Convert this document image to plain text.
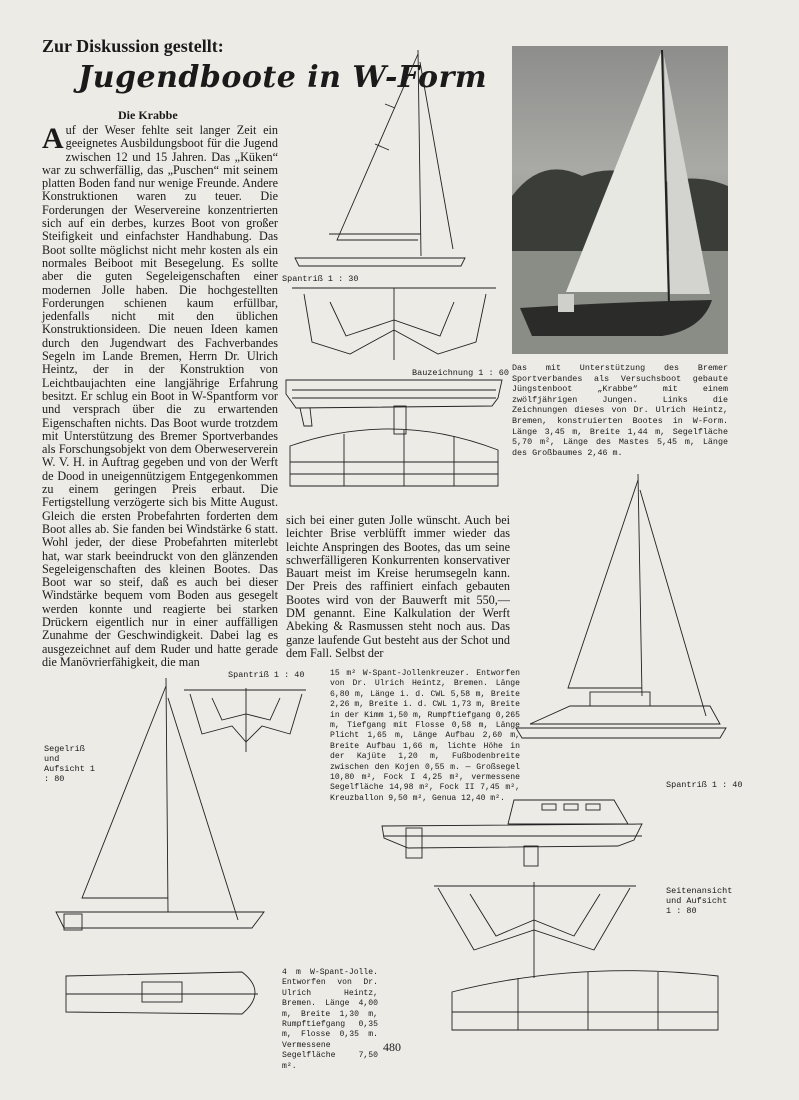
Zur Diskussion gestellt:
Jugendboote in W-Form
Die Krabbe
A uf der Weser fehlte seit langer Zeit ein geeignetes Ausbildungsboot für die Jugend zwischen 12 und 15 Jahren. Das „Küken“ war zu schwerfällig, das „Puschen“ mit seinem platten Boden fand nur wenige Freunde. Andere Konstruktionen waren zu teuer. Die Forderungen der Weservereine konzentrierten sich auf ein derbes, kurzes Boot von großer Steifigkeit und einfachster Handhabung. Das Boot sollte möglichst nicht mehr kosten als ein normales Beiboot mit Besegelung. Es sollte aber die guten Segeleigenschaften einer modernen Jolle haben. Die hochgestellten Forderungen schienen kaum erfüllbar, jedenfalls nicht mit den üblichen Konstruktionsideen. Die neuen Ideen kamen durch den Jugendwart des Fachverbandes Segeln im Lande Bremen, Herrn Dr. Ulrich Heintz, der in der Konstruktion von Leichtbaujachten eine langjährige Erfahrung besitzt. Er schlug ein Boot in W-Spantform vor und versprach über die zu erwartenden Eigenschaften nichts. Das Boot wurde trotzdem mit Unterstützung des Bremer Sportverbandes als Forschungsobjekt von dem Oberweserverein W. V. H. in Auftrag gegeben und von der Werft de Dood in uneigennützigem Entgegenkommen zu einem geringen Preis erbaut. Die Fertigstellung verzögerte sich bis Mitte August. Gleich die ersten Probefahrten forderten dem Boot alles ab. Sie fanden bei Windstärke 6 statt. Wohl jeder, der diese Probefahrten miterlebt hat, war stark beeindruckt von den glänzenden Segeleigenschaften des kleinen Bootes. Das Boot war so steif, daß es auch bei dieser Windstärke bequem vom Boden aus gesegelt werden konnte und reagierte bei starken Drückern eigentlich nur in einer auffälligen Zunahme der Geschwindigkeit. Dabei lag es ausgezeichnet auf dem Ruder und hatte gerade die Manövrierfähigkeit, die man
sich bei einer guten Jolle wünscht. Auch bei leichter Brise verblüfft immer wieder das leichte Anspringen des Bootes, das um seine schwerfälligeren Konkurrenten konservativer Bauart meist im Kreise herumsegeln kann. Der Preis des raffiniert einfach gebauten Bootes wird von der Bauwerft mit 550,— DM genannt. Eine Kalkulation der Werft Abeking & Rasmussen steht noch aus. Das ganze laufende Gut besteht aus der Schot und dem Fall. Selbst der
Spantriß 1 : 30
Bauzeichnung 1 : 60 Das mit Unterstützung des Bremer Sportverbandes als Versuchsboot gebaute Jüngstenboot „Krabbe“ mit einem zwölfjährigen Jungen. Links die Zeichnungen dieses von Dr. Ulrich Heintz, Bremen, konstruierten Bootes in W-Form. Länge 3,45 m, Breite 1,44 m, Segelfläche 5,70 m², Länge des Mastes 5,45 m, Länge des Großbaumes 2,46 m.
Spantriß 1 : 40	15 m² W-Spant-Jollenkreuzer. Entworfen von Dr. Ulrich Heintz, Bremen. Länge 6,80 m, Länge i. d. CWL 5,58 m, Breite 2,26 m, Breite i. d. CWL 1,73 m, Breite in der Kimm 1,50 m, Rumpftiefgang 0,265 m, Tiefgang mit Flosse 0,58 m, Länge Plicht 1,65 m, Länge Aufbau 2,60 m, Breite Aufbau 1,66 m, lichte Höhe in der Kajüte 1,20 m, Fußbodenbreite zwischen den Kojen 0,55 m. — Großsegel 10,80 m², Fock I 4,25 m², vermessene Segelfläche 14,98 m², Fock II 7,45 m², Kreuzballon 9,50 m², Genua 12,40 m².
Segelriß und Aufsicht 1 : 80
Spantriß 1 : 40
Seitenansicht und Aufsicht 1 : 80
4 m W-Spant-Jolle. Entworfen von Dr. Ulrich Heintz, Bremen. Länge 4,00 m, Breite 1,30 m, Rumpftiefgang 0,35 m, Flosse 0,35 m. Vermessene Segelfläche 7,50 m².
480
